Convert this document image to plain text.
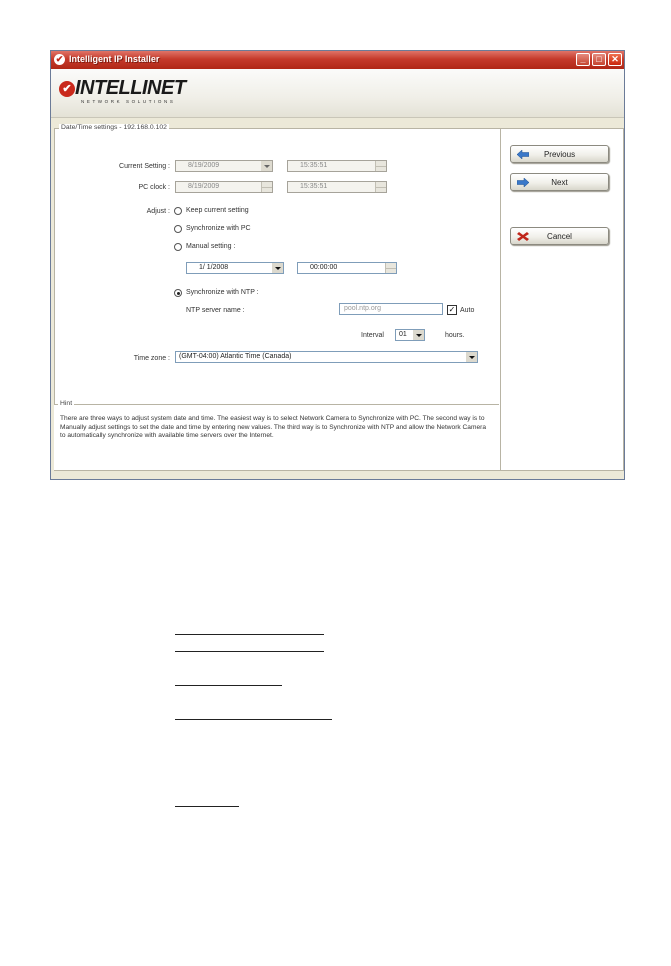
✔ Intelligent IP Installer	_	□	✕
✔ INTELLINET
NETWORK SOLUTIONS
Date/Time settings - 192.168.0.102
Current Setting :	8/19/2009	15:35:51
PC clock :	8/19/2009	15:35:51
Adjust : Keep current setting
Synchronize with PC
Manual setting :
1/ 1/2008	00:00:00
Synchronize with NTP :
NTP server name :	pool.ntp.org	✓ Auto
Interval	01	hours.
Time zone :	(GMT-04:00) Atlantic Time (Canada)
Hint
There are three ways to adjust system date and time. The easiest way is to select Network Camera to Synchronize with PC. The second way is to Manually adjust settings to set the date and time by entering new values. The third way is to Synchronize with NTP and allow the Network Camera to automatically synchronize with available time servers over the Internet.
Previous
Next
Cancel
